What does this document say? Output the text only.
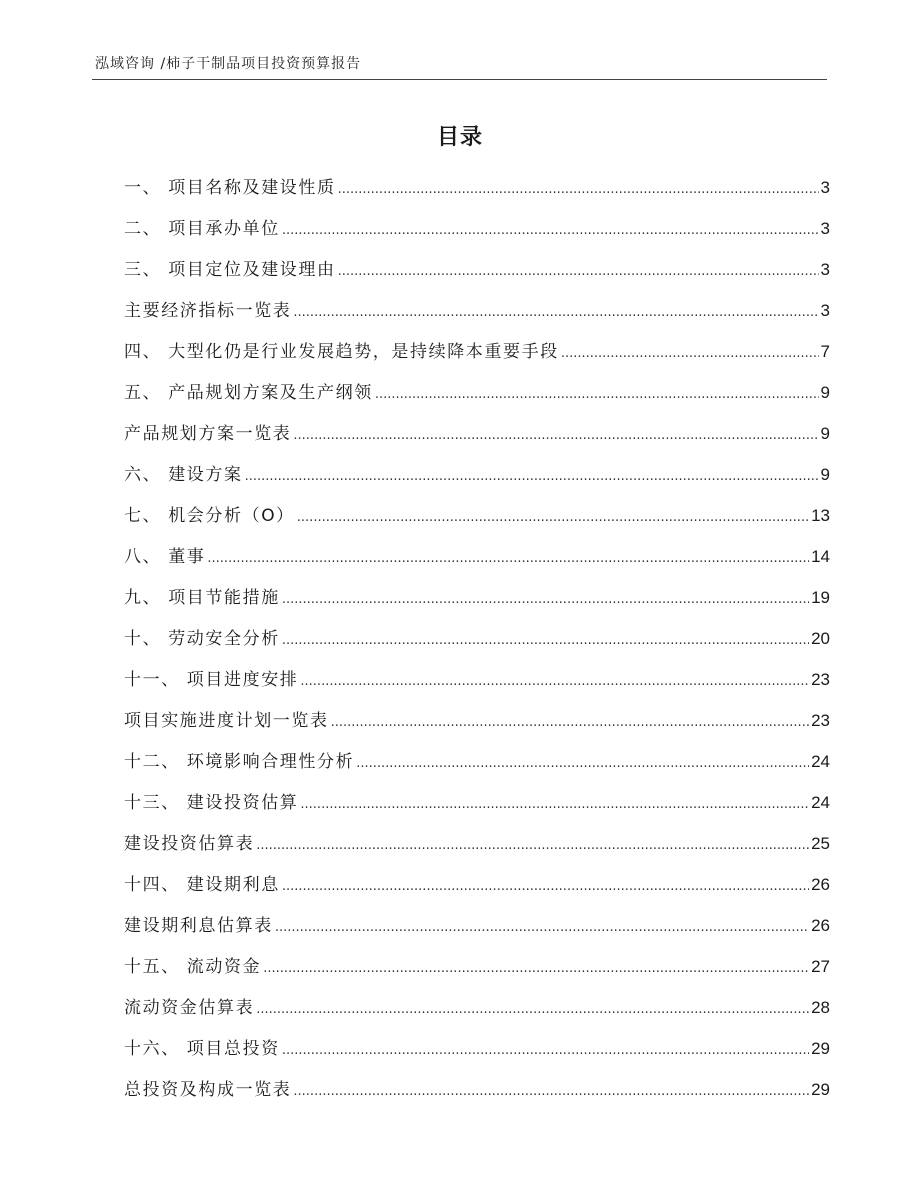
泓域咨询 /柿子干制品项目投资预算报告
目录
一、 项目名称及建设性质 .....	3
二、 项目承办单位 .....	3
三、 项目定位及建设理由 .....	3
主要经济指标一览表 .....	3
四、 大型化仍是行业发展趋势，是持续降本重要手段 .....	7
五、 产品规划方案及生产纲领 .....	9
产品规划方案一览表 .....	9
六、 建设方案 .....	9
七、 机会分析（O） .....	13
八、 董事 .....	14
九、 项目节能措施 .....	19
十、 劳动安全分析 .....	20
十一、 项目进度安排 .....	23
项目实施进度计划一览表 .....	23
十二、 环境影响合理性分析 .....	24
十三、 建设投资估算 .....	24
建设投资估算表 .....	25
十四、 建设期利息 .....	26
建设期利息估算表 .....	26
十五、 流动资金 .....	27
流动资金估算表 .....	28
十六、 项目总投资 .....	29
总投资及构成一览表 .....	29
